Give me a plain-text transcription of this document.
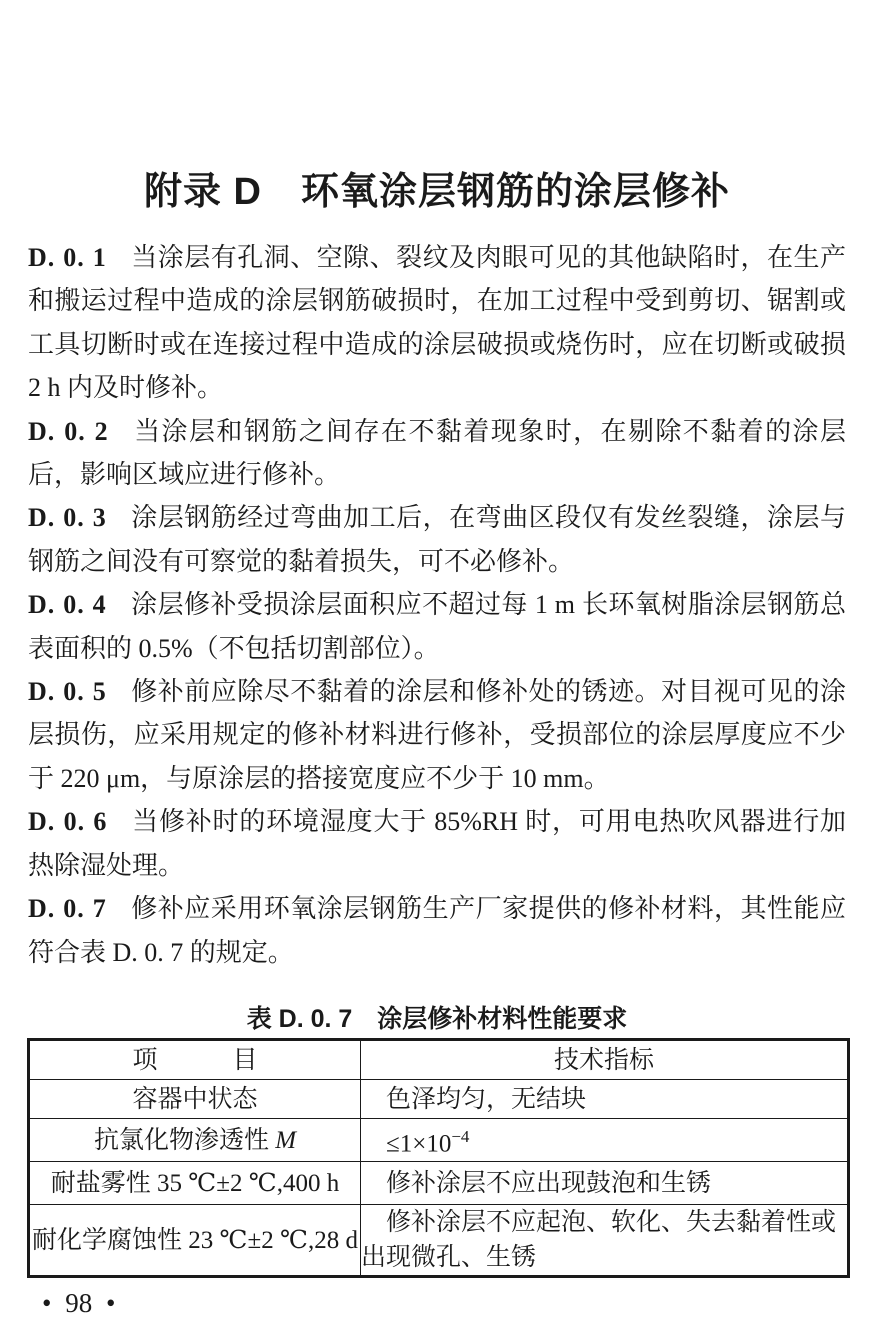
附录 D　环氧涂层钢筋的涂层修补

D. 0. 1 当涂层有孔洞、空隙、裂纹及肉眼可见的其他缺陷时，在生产和搬运过程中造成的涂层钢筋破损时，在加工过程中受到剪切、锯割或工具切断时或在连接过程中造成的涂层破损或烧伤时，应在切断或破损 2 h 内及时修补。

D. 0. 2 当涂层和钢筋之间存在不黏着现象时，在剔除不黏着的涂层后，影响区域应进行修补。

D. 0. 3 涂层钢筋经过弯曲加工后，在弯曲区段仅有发丝裂缝，涂层与钢筋之间没有可察觉的黏着损失，可不必修补。

D. 0. 4 涂层修补受损涂层面积应不超过每 1 m 长环氧树脂涂层钢筋总表面积的 0.5%（不包括切割部位）。

D. 0. 5 修补前应除尽不黏着的涂层和修补处的锈迹。对目视可见的涂层损伤，应采用规定的修补材料进行修补，受损部位的涂层厚度应不少于 220 μm，与原涂层的搭接宽度应不少于 10 mm。

D. 0. 6 当修补时的环境湿度大于 85%RH 时，可用电热吹风器进行加热除湿处理。

D. 0. 7 修补应采用环氧涂层钢筋生产厂家提供的修补材料，其性能应符合表 D. 0. 7 的规定。

表 D. 0. 7　涂层修补材料性能要求
项　　　目	技术指标
容器中状态	色泽均匀，无结块
抗氯化物渗透性 M	$\le 1\times 10^{-4}$
耐盐雾性 35 ℃±2 ℃,400 h	修补涂层不应出现鼓泡和生锈
耐化学腐蚀性 23 ℃±2 ℃,28 d	修补涂层不应起泡、软化、失去黏着性或出现微孔、生锈
• 98 •
